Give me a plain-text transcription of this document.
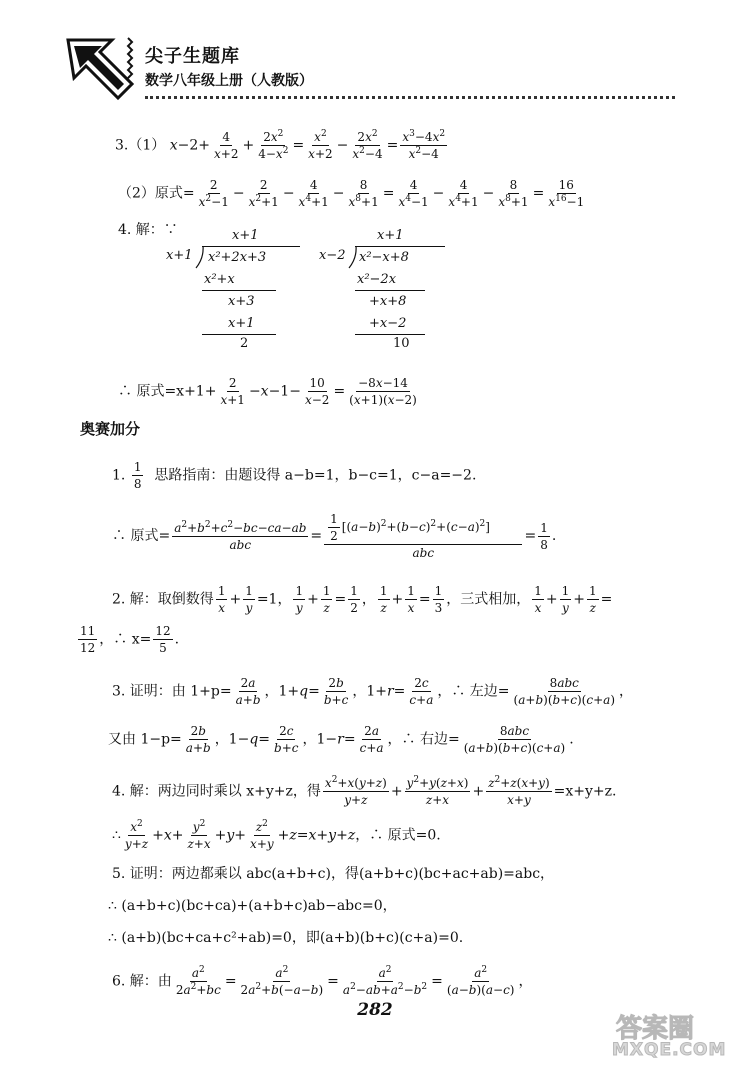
尖子生题库
数学八年级上册（人教版）
3.（1） $x-2+ \frac{4}{x+2} + \frac{2x^2}{4-x^2} = \frac{x^2}{x+2} - \frac{2x^2}{x^2-4} = \frac{x^3-4x^2}{x^2-4}$
（2）原式= $\frac{2}{x^2-1} - \frac{2}{x^2+1} - \frac{4}{x^4+1} - \frac{8}{x^8+1} = \frac{4}{x^4-1} - \frac{4}{x^4+1} - \frac{8}{x^8+1} = \frac{16}{x^{16}-1}$
4. 解：∵	x+1
x+1 x²+2x+3
x²+x
x+3
x+1
2
x+1
x−2 x²−x+8
x²−2x
+x+8
+x−2
10
∴ 原式$=x+1+ \frac{2}{x+1} -x-1- \frac{10}{x-2} = \frac{-8x-14}{(x+1)(x-2)}$
奥赛加分
1. $\frac{1}{8}$ 思路指南：由题设得 a−b=1，b−c=1，c−a=−2.
∴ 原式= $\frac{a^2+b^2+c^2-bc-ca-ab}{\text{abc}} = \frac{\frac{1}{2} [(a-b)^2+(b-c)^2+(c-a)^2]}{\text{abc}} = \frac{1}{8}$ .
2. 解：取倒数得 $\frac{1}{x} + \frac{1}{y} =1$， $\frac{1}{y} + \frac{1}{z} = \frac{1}{2}$ ， $\frac{1}{z} + \frac{1}{x} = \frac{1}{3}$ ，三式相加， $\frac{1}{x} + \frac{1}{y} + \frac{1}{z}$ =
$\frac{11}{12}$ ，∴ $x= \frac{12}{5}$ .
3. 证明：由 $1+p= \frac{2a}{a+b}$ ，$1+q= \frac{2b}{b+c}$ ，$1+r= \frac{2c}{c+a}$ ，∴ 左边= $\frac{\text{8abc}}{(a+b)(b+c)(c+a)}$ ，
又由 $1-p= \frac{2b}{a+b}$ ，$1-q= \frac{2c}{b+c}$ ，$1-r= \frac{2a}{c+a}$ ，∴ 右边= $\frac{\text{8abc}}{(a+b)(b+c)(c+a)}$ .
4. 解：两边同时乘以 x+y+z，得 $\frac{x^2+x(y+z)}{y+z} + \frac{y^2+y(z+x)}{z+x} + \frac{z^2+z(x+y)}{x+y} =x+y+z$.
∴ $\frac{x^2}{y+z} +x+ \frac{y^2}{z+x} +y+ \frac{z^2}{x+y} +z=x+y+z$，∴ 原式=0.
5. 证明：两边都乘以 abc(a+b+c)，得(a+b+c)(bc+ac+ab)=abc，
∴ (a+b+c)(bc+ca)+(a+b+c)ab−abc=0，
∴ (a+b)(bc+ca+c²+ab)=0，即(a+b)(b+c)(c+a)=0.
6. 解：由 $\frac{a^2}{2a^2+bc} = \frac{a^2}{2a^2+b(-a-b)} = \frac{a^2}{a^2-ab+a^2-b^2} = \frac{a^2}{(a-b)(a-c)}$ ，
282
答案圈
MXQE.COM
